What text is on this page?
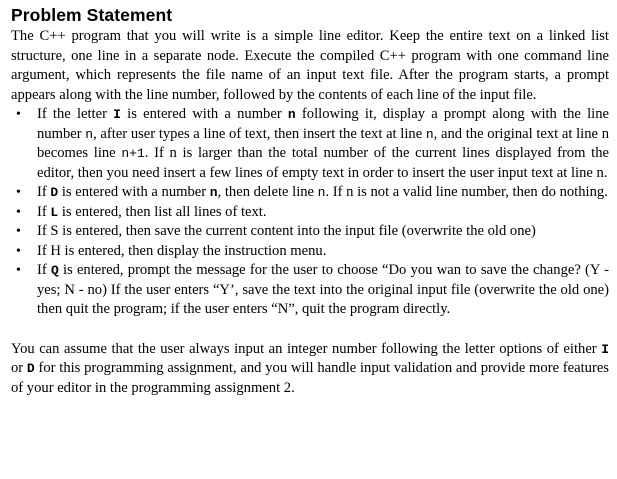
Problem Statement

The C++ program that you will write is a simple line editor. Keep the entire text on a linked list structure, one line in a separate node. Execute the compiled C++ program with one command line argument, which represents the file name of an input text file. After the program starts, a prompt appears along with the line number, followed by the contents of each line of the input file.

• If the letter I is entered with a number n following it, display a prompt along with the line number n, after user types a line of text, then insert the text at line n, and the original text at line n becomes line n+1. If n is larger than the total number of the current lines displayed from the editor, then you need insert a few lines of empty text in order to insert the user input text at line n.
• If D is entered with a number n, then delete line n. If n is not a valid line number, then do nothing.
• If L is entered, then list all lines of text.
• If S is entered, then save the current content into the input file (overwrite the old one)
• If H is entered, then display the instruction menu.
• If Q is entered, prompt the message for the user to choose “Do you wan to save the change? (Y - yes; N - no) If the user enters “Y’, save the text into the original input file (overwrite the old one) then quit the program; if the user enters “N”, quit the program directly.

You can assume that the user always input an integer number following the letter options of either I or D for this programming assignment, and you will handle input validation and provide more features of your editor in the programming assignment 2.
